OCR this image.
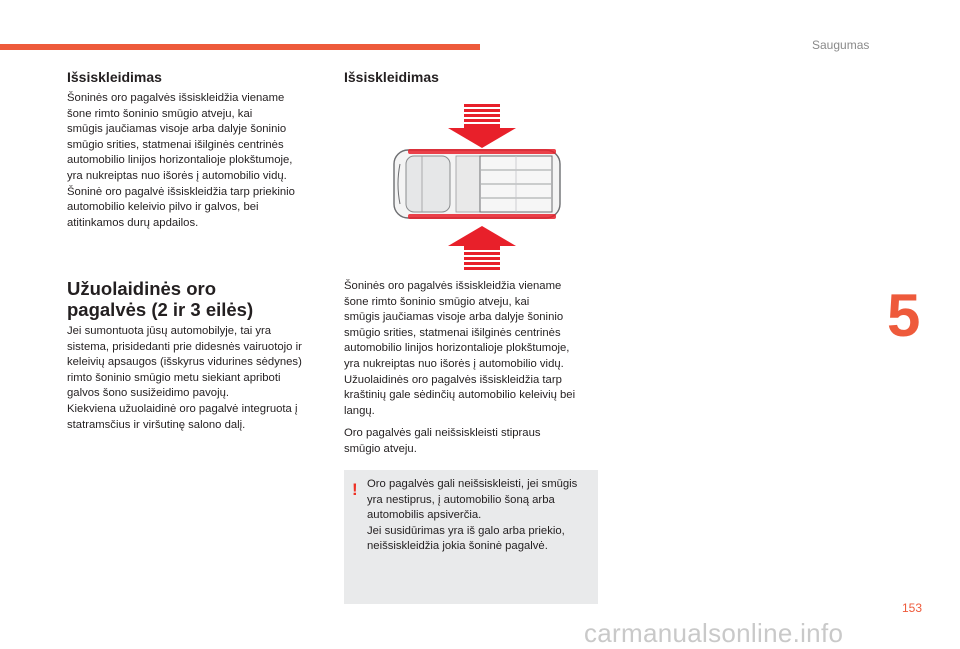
Saugumas
5
153
carmanualsonline.info
Išsiskleidimas

Šoninės oro pagalvės išsiskleidžia viename
šone rimto šoninio smūgio atveju, kai
smūgis jaučiamas visoje arba dalyje šoninio
smūgio srities, statmenai išilginės centrinės
automobilio linijos horizontalioje plokštumoje,
yra nukreiptas nuo išorės į automobilio vidų.
Šoninė oro pagalvė išsiskleidžia tarp priekinio
automobilio keleivio pilvo ir galvos, bei
atitinkamos durų apdailos.

Užuolaidinės oro
pagalvės (2 ir 3 eilės)

Jei sumontuota jūsų automobilyje, tai yra
sistema, prisidedanti prie didesnės vairuotojo ir
keleivių apsaugos (išskyrus vidurines sėdynes)
rimto šoninio smūgio metu siekiant apriboti
galvos šono susižeidimo pavojų.
Kiekviena užuolaidinė oro pagalvė integruota į
statramsčius ir viršutinę salono dalį.

Išsiskleidimas

Šoninės oro pagalvės išsiskleidžia viename
šone rimto šoninio smūgio atveju, kai
smūgis jaučiamas visoje arba dalyje šoninio
smūgio srities, statmenai išilginės centrinės
automobilio linijos horizontalioje plokštumoje,
yra nukreiptas nuo išorės į automobilio vidų.
Užuolaidinės oro pagalvės išsiskleidžia tarp
kraštinių gale sėdinčių automobilio keleivių bei
langų.

Oro pagalvės gali neišsiskleisti stipraus
smūgio atveju.

! Oro pagalvės gali neišsiskleisti, jei smūgis
yra nestiprus, į automobilio šoną arba
automobilis apsiverčia.
Jei susidūrimas yra iš galo arba priekio,
neišsiskleidžia jokia šoninė pagalvė.
